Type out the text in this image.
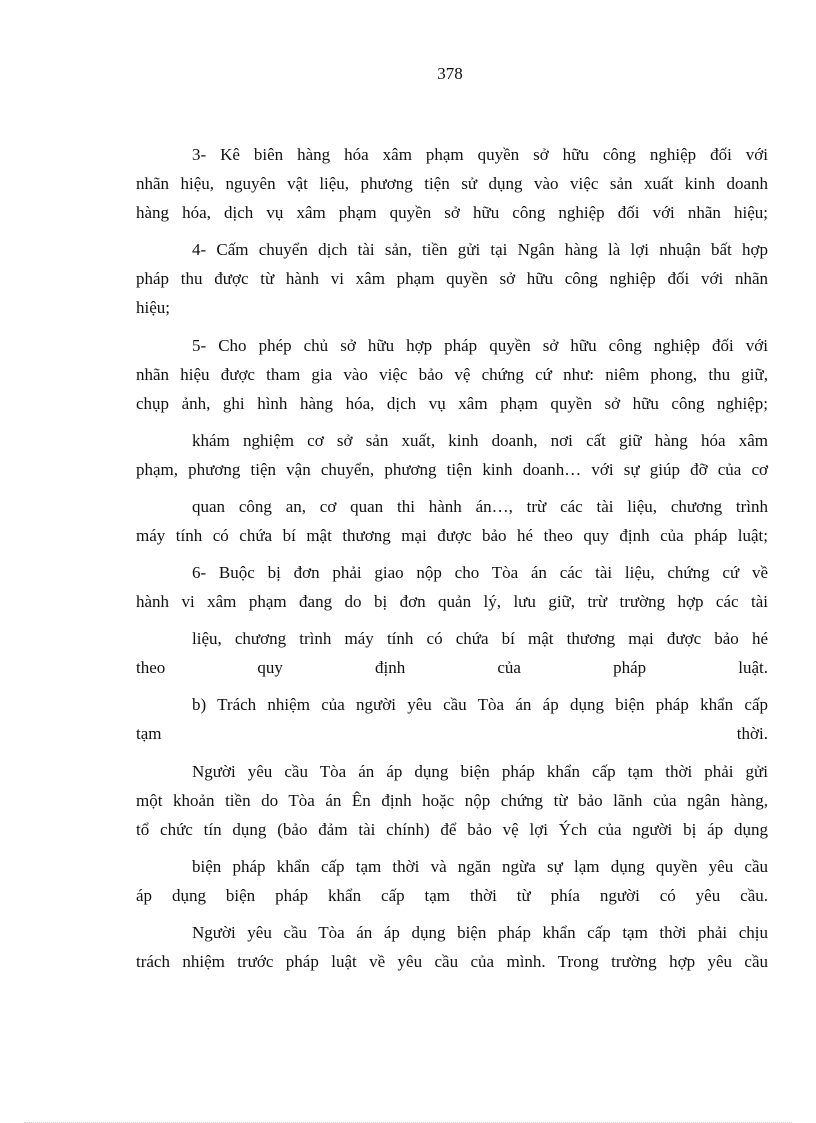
378
3- Kê biên hàng hóa xâm phạm quyền sở hữu công nghiệp đối với
nhãn hiệu, nguyên vật liệu, phương tiện sử dụng vào việc sản xuất kinh doanh
hàng hóa, dịch vụ xâm phạm quyền sở hữu công nghiệp đối với nhãn hiệu;
4- Cấm chuyển dịch tài sản, tiền gửi tại Ngân hàng là lợi nhuận bất hợp
pháp thu được từ hành vi xâm phạm quyền sở hữu công nghiệp đối với nhãn
hiệu;
5- Cho phép chủ sở hữu hợp pháp quyền sở hữu công nghiệp đối với
nhãn hiệu được tham gia vào việc bảo vệ chứng cứ như: niêm phong, thu giữ,
chụp ảnh, ghi hình hàng hóa, dịch vụ xâm phạm quyền sở hữu công nghiệp;
khám nghiệm cơ sở sản xuất, kinh doanh, nơi cất giữ hàng hóa xâm
phạm, phương tiện vận chuyển, phương tiện kinh doanh… với sự giúp đỡ của cơ
quan công an, cơ quan thi hành án…, trừ các tài liệu, chương trình
máy tính có chứa bí mật thương mại được bảo hé theo quy định của pháp luật;
6- Buộc bị đơn phải giao nộp cho Tòa án các tài liệu, chứng cứ về
hành vi xâm phạm đang do bị đơn quản lý, lưu giữ, trừ trường hợp các tài
liệu, chương trình máy tính có chứa bí mật thương mại được bảo hé
theo quy định của pháp luật.
b) Trách nhiệm của người yêu cầu Tòa án áp dụng biện pháp khẩn cấp
tạm thời.
Người yêu cầu Tòa án áp dụng biện pháp khẩn cấp tạm thời phải gửi
một khoản tiền do Tòa án Ên định hoặc nộp chứng từ bảo lãnh của ngân hàng,
tổ chức tín dụng (bảo đảm tài chính) để bảo vệ lợi Ých của người bị áp dụng
biện pháp khẩn cấp tạm thời và ngăn ngừa sự lạm dụng quyền yêu cầu
áp dụng biện pháp khẩn cấp tạm thời từ phía người có yêu cầu.
Người yêu cầu Tòa án áp dụng biện pháp khẩn cấp tạm thời phải chịu
trách nhiệm trước pháp luật về yêu cầu của mình. Trong trường hợp yêu cầu
